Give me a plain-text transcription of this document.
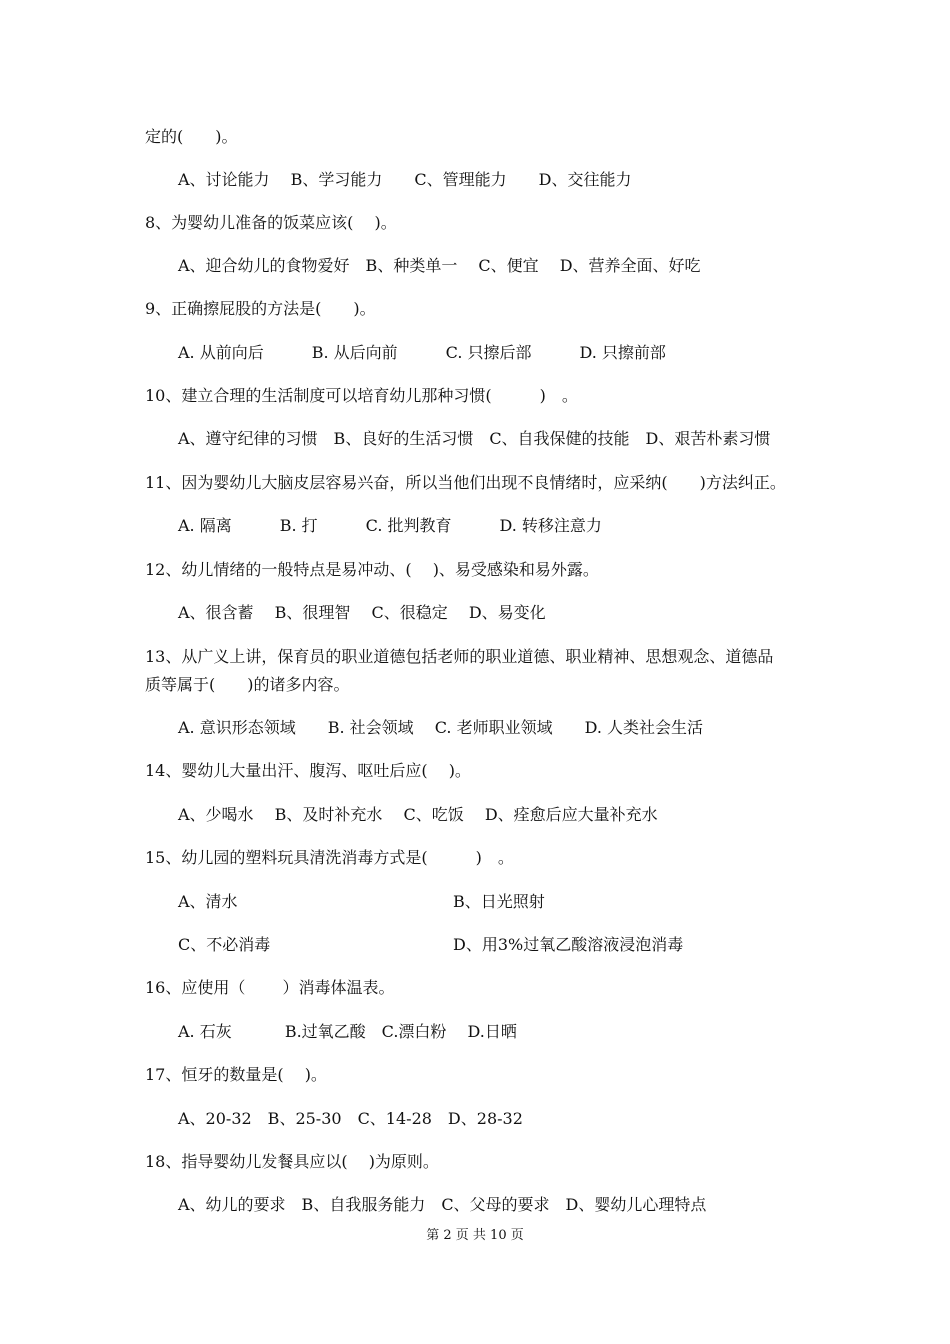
定的(　　)。
A、讨论能力　 B、学习能力　　C、管理能力　　D、交往能力
8、为婴幼儿准备的饭菜应该(　 )。
A、迎合幼儿的食物爱好　B、种类单一　 C、便宜　 D、营养全面、好吃
9、正确擦屁股的方法是(　　)。
A. 从前向后　　　B. 从后向前　　　C. 只擦后部　　　D. 只擦前部
10、建立合理的生活制度可以培育幼儿那种习惯(　　　)　。
A、遵守纪律的习惯　B、良好的生活习惯　C、自我保健的技能　D、艰苦朴素习惯
11、因为婴幼儿大脑皮层容易兴奋，所以当他们出现不良情绪时，应采纳(　　)方法纠正。
A. 隔离　　　B. 打　　　C. 批判教育　　　D. 转移注意力
12、幼儿情绪的一般特点是易冲动、(　 )、易受感染和易外露。
A、很含蓄　 B、很理智　 C、很稳定　 D、易变化
13、从广义上讲，保育员的职业道德包括老师的职业道德、职业精神、思想观念、道德品
质等属于(　　)的诸多内容。
A. 意识形态领域　　B. 社会领域　 C. 老师职业领域　　D. 人类社会生活
14、婴幼儿大量出汗、腹泻、呕吐后应(　 )。
A、少喝水　 B、及时补充水　 C、吃饭　 D、痊愈后应大量补充水
15、幼儿园的塑料玩具清洗消毒方式是(　　　)　。
A、清水	B、日光照射
C、不必消毒	D、用3%过氧乙酸溶液浸泡消毒
16、应使用（　　 ）消毒体温表。
A. 石灰　　　 B.过氧乙酸　C.漂白粉　 D.日晒
17、恒牙的数量是(　 )。
A、20-32　B、25-30　C、14-28　D、28-32
18、指导婴幼儿发餐具应以(　 )为原则。
A、幼儿的要求　B、自我服务能力　C、父母的要求　D、婴幼儿心理特点
第 2 页 共 10 页
